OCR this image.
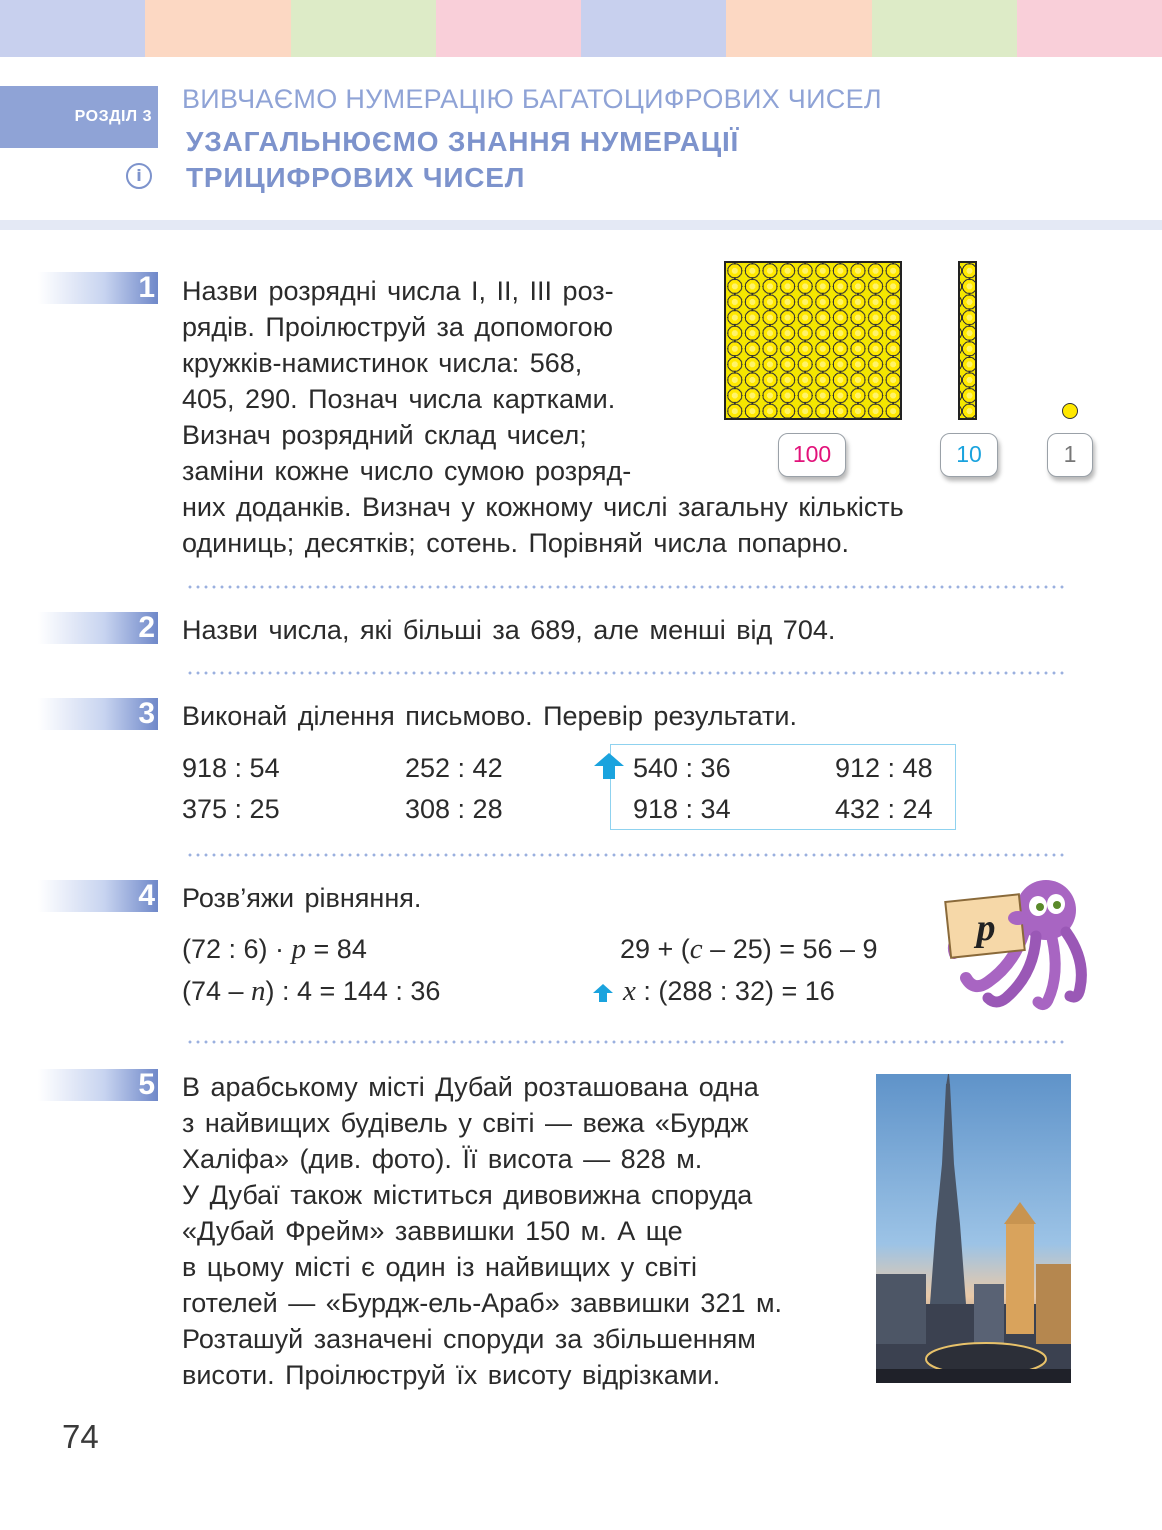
РОЗДІЛ 3
ВИВЧАЄМО НУМЕРАЦІЮ БАГАТОЦИФРОВИХ ЧИСЕЛ
УЗАГАЛЬНЮЄМО ЗНАННЯ НУМЕРАЦІЇ
ТРИЦИФРОВИХ ЧИСЕЛ
i
1 Назви розрядні числа І, ІІ, ІІІ роз-
рядів. Проілюструй за допомогою
кружків-намистинок числа: 568,
405, 290. Познач числа картками.
Визнач розрядний склад чисел;
заміни кожне число сумою розряд-
них доданків. Визнач у кожному числі загальну кількість
одиниць; десятків; сотень. Порівняй числа попарно.
100	10	1
2 Назви числа, які більші за 689, але менші від 704.
3 Виконай ділення письмово. Перевір результати.
918 : 54
375 : 25
252 : 42
308 : 28
540 : 36
918 : 34
912 : 48
432 : 24
4 Розв’яжи рівняння.
(72 : 6) · p = 84
(74 – n) : 4 = 144 : 36
29 + (c – 25) = 56 – 9
x : (288 : 32) = 16
p
5 В арабському місті Дубай розташована одна
з найвищих будівель у світі — вежа «Бурдж
Халіфа» (див. фото). Її висота — 828 м.
У Дубаї також міститься дивовижна споруда
«Дубай Фрейм» заввишки 150 м. А ще
в цьому місті є один із найвищих у світі
готелей — «Бурдж-ель-Араб» заввишки 321 м.
Розташуй зазначені споруди за збільшенням
висоти. Проілюструй їх висоту відрізками.
74
